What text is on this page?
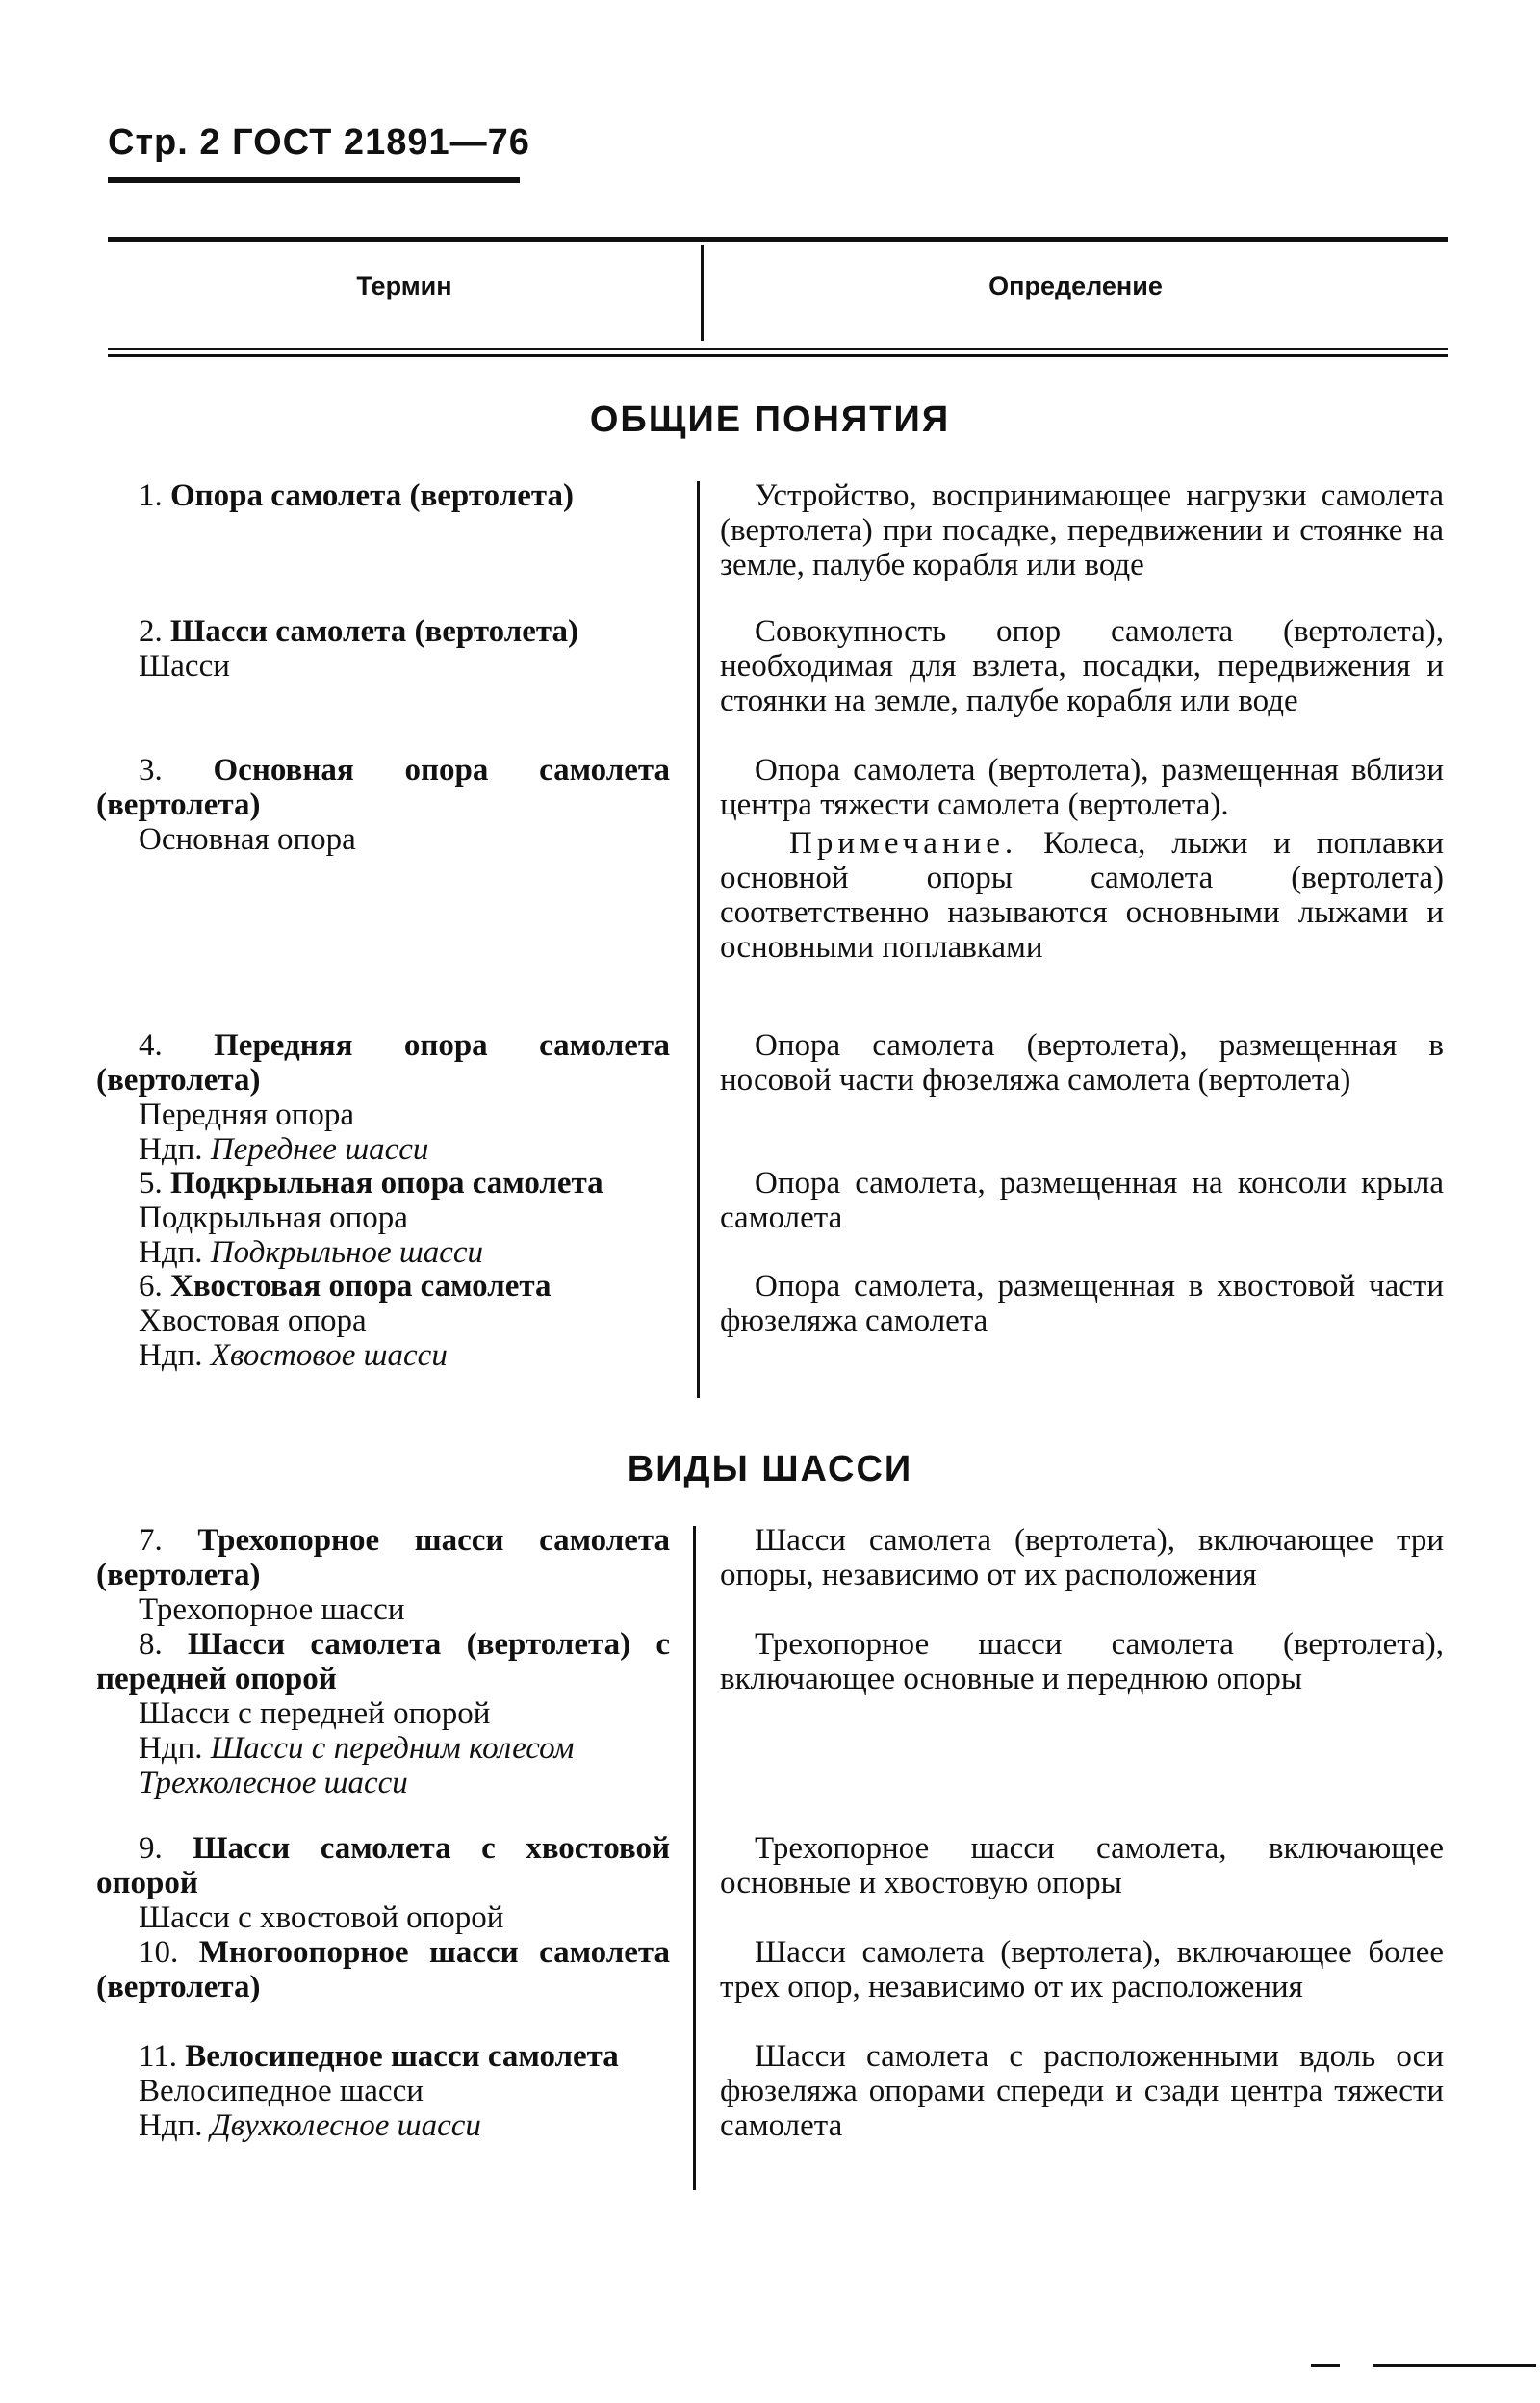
Стр. 2 ГОСТ 21891—76
Термин	Определение
ОБЩИЕ ПОНЯТИЯ
1. Опора самолета (вертолета)	Устройство, воспринимающее нагрузки самолета (вертолета) при посадке, передвижении и стоянке на земле, палубе корабля или воде

2. Шасси самолета (вертолета)
Шасси

Совокупность опор самолета (вертолета), необходимая для взлета, посадки, передвижения и стоянки на земле, палубе корабля или воде

3. Основная опора самолета (вертолета)
Основная опора

Опора самолета (вертолета), размещенная вблизи центра тяжести самолета (вертолета).

Примечание. Колеса, лыжи и поплавки основной опоры самолета (вертолета) соответственно называются основными лыжами и основными поплавками

4. Передняя опора самолета (вертолета)
Передняя опора
Ндп. Переднее шасси

Опора самолета (вертолета), размещенная в носовой части фюзеляжа самолета (вертолета)

5. Подкрыльная опора самолета
Подкрыльная опора
Ндп. Подкрыльное шасси

Опора самолета, размещенная на консоли крыла самолета

6. Хвостовая опора самолета
Хвостовая опора
Ндп. Хвостовое шасси

Опора самолета, размещенная в хвостовой части фюзеляжа самолета

ВИДЫ ШАССИ
7. Трехопорное шасси самолета (вертолета)
Трехопорное шасси

Шасси самолета (вертолета), включающее три опоры, независимо от их расположения

8. Шасси самолета (вертолета) с передней опорой
Шасси с передней опорой
Ндп. Шасси с передним колесом
Трехколесное шасси

Трехопорное шасси самолета (вертолета), включающее основные и переднюю опоры

9. Шасси самолета с хвостовой опорой
Шасси с хвостовой опорой

Трехопорное шасси самолета, включающее основные и хвостовую опоры

10. Многоопорное шасси самолета (вертолета)

Шасси самолета (вертолета), включающее более трех опор, независимо от их расположения

11. Велосипедное шасси самолета
Велосипедное шасси
Ндп. Двухколесное шасси

Шасси самолета с расположенными вдоль оси фюзеляжа опорами спереди и сзади центра тяжести самолета
